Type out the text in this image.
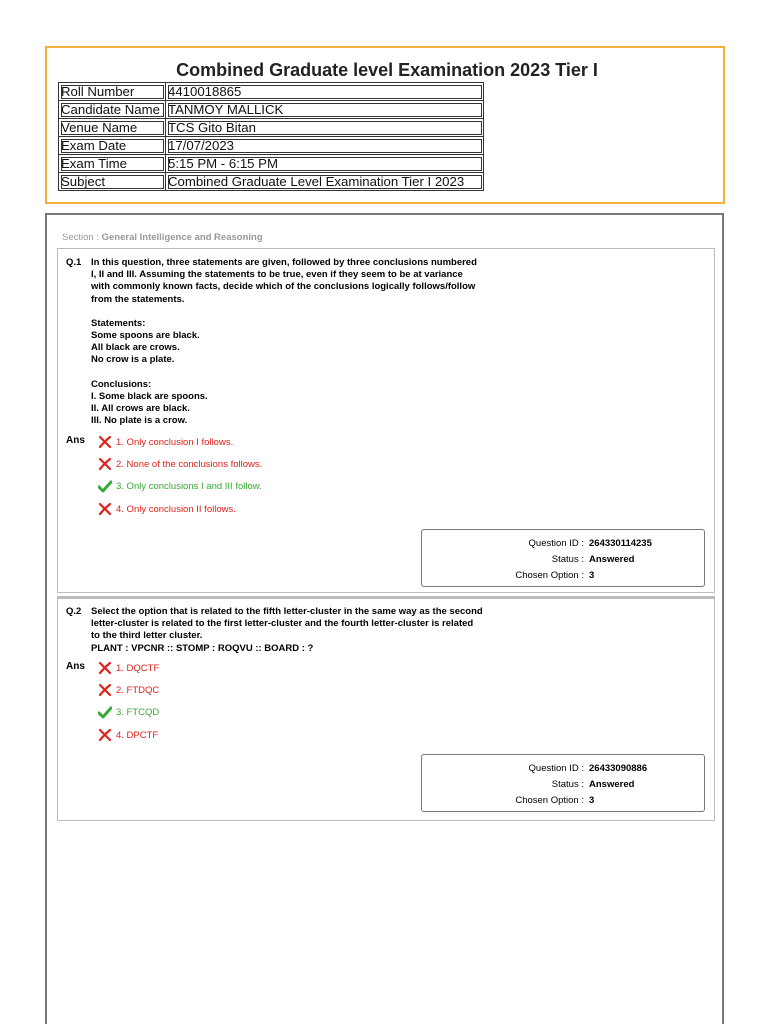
Combined Graduate level Examination 2023 Tier I
Roll Number	4410018865
Candidate Name	TANMOY MALLICK
Venue Name	TCS Gito Bitan
Exam Date	17/07/2023
Exam Time	5:15 PM - 6:15 PM
Subject	Combined Graduate Level Examination Tier I 2023
Section : General Intelligence and Reasoning
Q.1 In this question, three statements are given, followed by three conclusions numbered

I, II and III. Assuming the statements to be true, even if they seem to be at variance

with commonly known facts, decide which of the conclusions logically follows/follow

from the statements.

Statements:

Some spoons are black.

All black are crows.

No crow is a plate.

Conclusions:

I. Some black are spoons.

II. All crows are black.

III. No plate is a crow.

Ans	1. Only conclusion I follows.
2. None of the conclusions follows.
3. Only conclusions I and III follow.
4. Only conclusion II follows.
Question ID : 264330114235
Status : Answered
Chosen Option : 3
Q.2 Select the option that is related to the fifth letter-cluster in the same way as the second

letter-cluster is related to the first letter-cluster and the fourth letter-cluster is related

to the third letter cluster.

PLANT : VPCNR :: STOMP : ROQVU :: BOARD : ?

Ans	1. DQCTF
2. FTDQC
3. FTCQD
4. DPCTF
Question ID : 26433090886
Status : Answered
Chosen Option : 3
